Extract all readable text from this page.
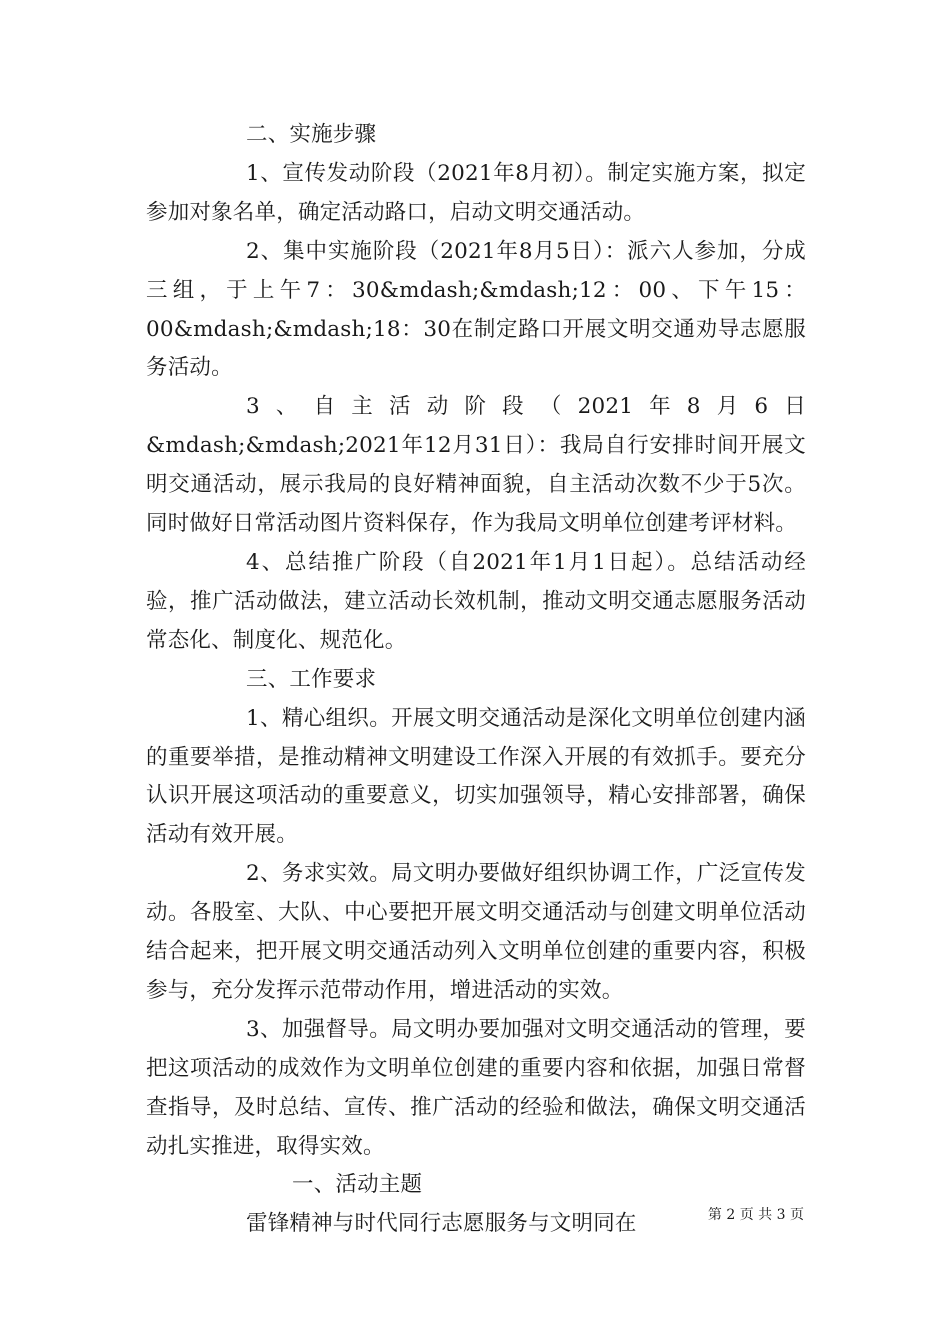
二、实施步骤

1、宣传发动阶段（2021年8月初）。制定实施方案，拟定参加对象名单，确定活动路口，启动文明交通活动。

2、集中实施阶段（2021年8月5日）：派六人参加，分成三组，于上午7：30&mdash;&mdash;12：00、下午15：00&mdash;&mdash;18：30在制定路口开展文明交通劝导志愿服务活动。

3、自主活动阶段（2021年8月6日&mdash;&mdash;2021年12月31日）：我局自行安排时间开展文明交通活动，展示我局的良好精神面貌，自主活动次数不少于5次。同时做好日常活动图片资料保存，作为我局文明单位创建考评材料。

4、总结推广阶段（自2021年1月1日起）。总结活动经验，推广活动做法，建立活动长效机制，推动文明交通志愿服务活动常态化、制度化、规范化。

三、工作要求

1、精心组织。开展文明交通活动是深化文明单位创建内涵的重要举措，是推动精神文明建设工作深入开展的有效抓手。要充分认识开展这项活动的重要意义，切实加强领导，精心安排部署，确保活动有效开展。

2、务求实效。局文明办要做好组织协调工作，广泛宣传发动。各股室、大队、中心要把开展文明交通活动与创建文明单位活动结合起来，把开展文明交通活动列入文明单位创建的重要内容，积极参与，充分发挥示范带动作用，增进活动的实效。

3、加强督导。局文明办要加强对文明交通活动的管理，要把这项活动的成效作为文明单位创建的重要内容和依据，加强日常督查指导，及时总结、宣传、推广活动的经验和做法，确保文明交通活动扎实推进，取得实效。

一、活动主题

雷锋精神与时代同行志愿服务与文明同在	第 2 页 共 3 页
